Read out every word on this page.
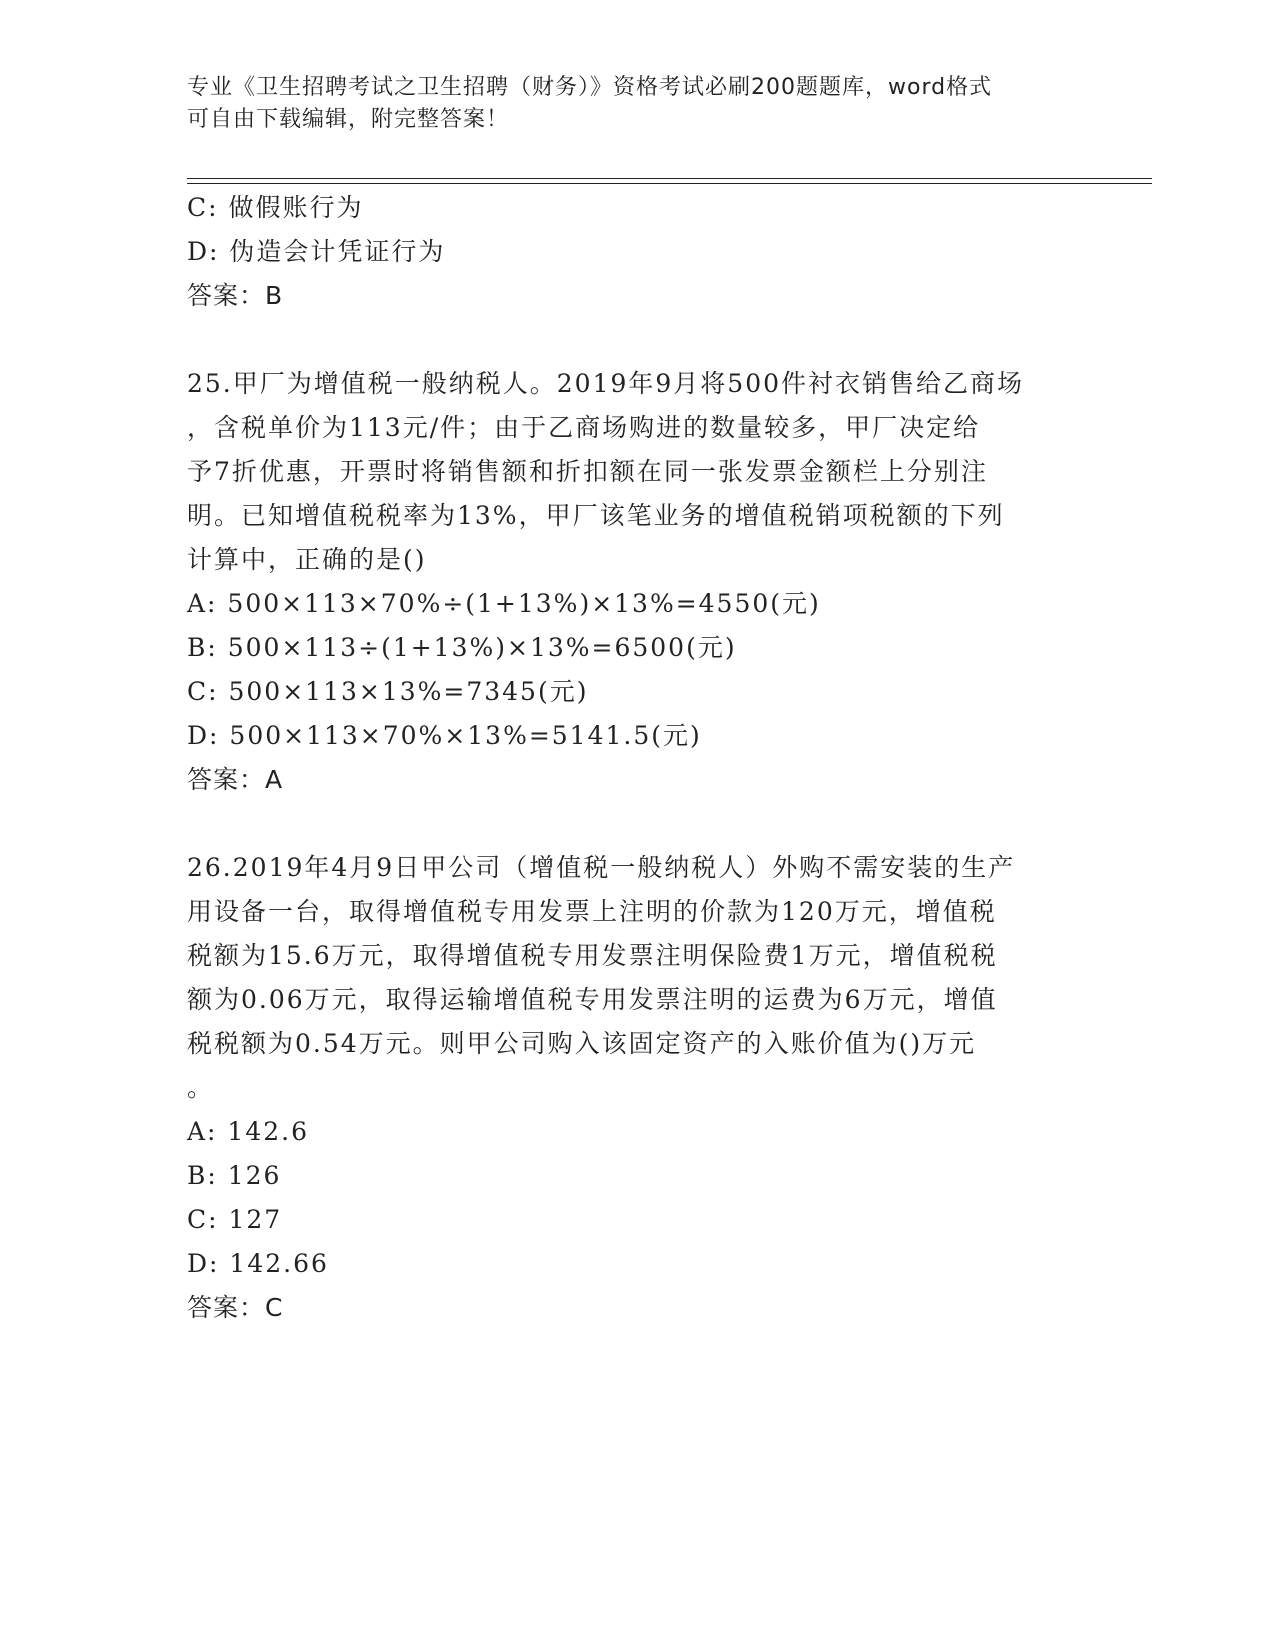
专业《卫生招聘考试之卫生招聘（财务）》资格考试必刷200题题库，word格式
可自由下载编辑，附完整答案！
C: 做假账行为
D: 伪造会计凭证行为
答案：B
25.甲厂为增值税一般纳税人。2019年9月将500件衬衣销售给乙商场
，含税单价为113元/件；由于乙商场购进的数量较多，甲厂决定给
予7折优惠，开票时将销售额和折扣额在同一张发票金额栏上分别注
明。已知增值税税率为13%，甲厂该笔业务的增值税销项税额的下列
计算中，正确的是()
A: 500×113×70%÷(1+13%)×13%=4550(元)
B: 500×113÷(1+13%)×13%=6500(元)
C: 500×113×13%=7345(元)
D: 500×113×70%×13%=5141.5(元)
答案：A
26.2019年4月9日甲公司（增值税一般纳税人）外购不需安装的生产
用设备一台，取得增值税专用发票上注明的价款为120万元，增值税
税额为15.6万元，取得增值税专用发票注明保险费1万元，增值税税
额为0.06万元，取得运输增值税专用发票注明的运费为6万元，增值
税税额为0.54万元。则甲公司购入该固定资产的入账价值为()万元
。
A: 142.6
B: 126
C: 127
D: 142.66
答案：C
